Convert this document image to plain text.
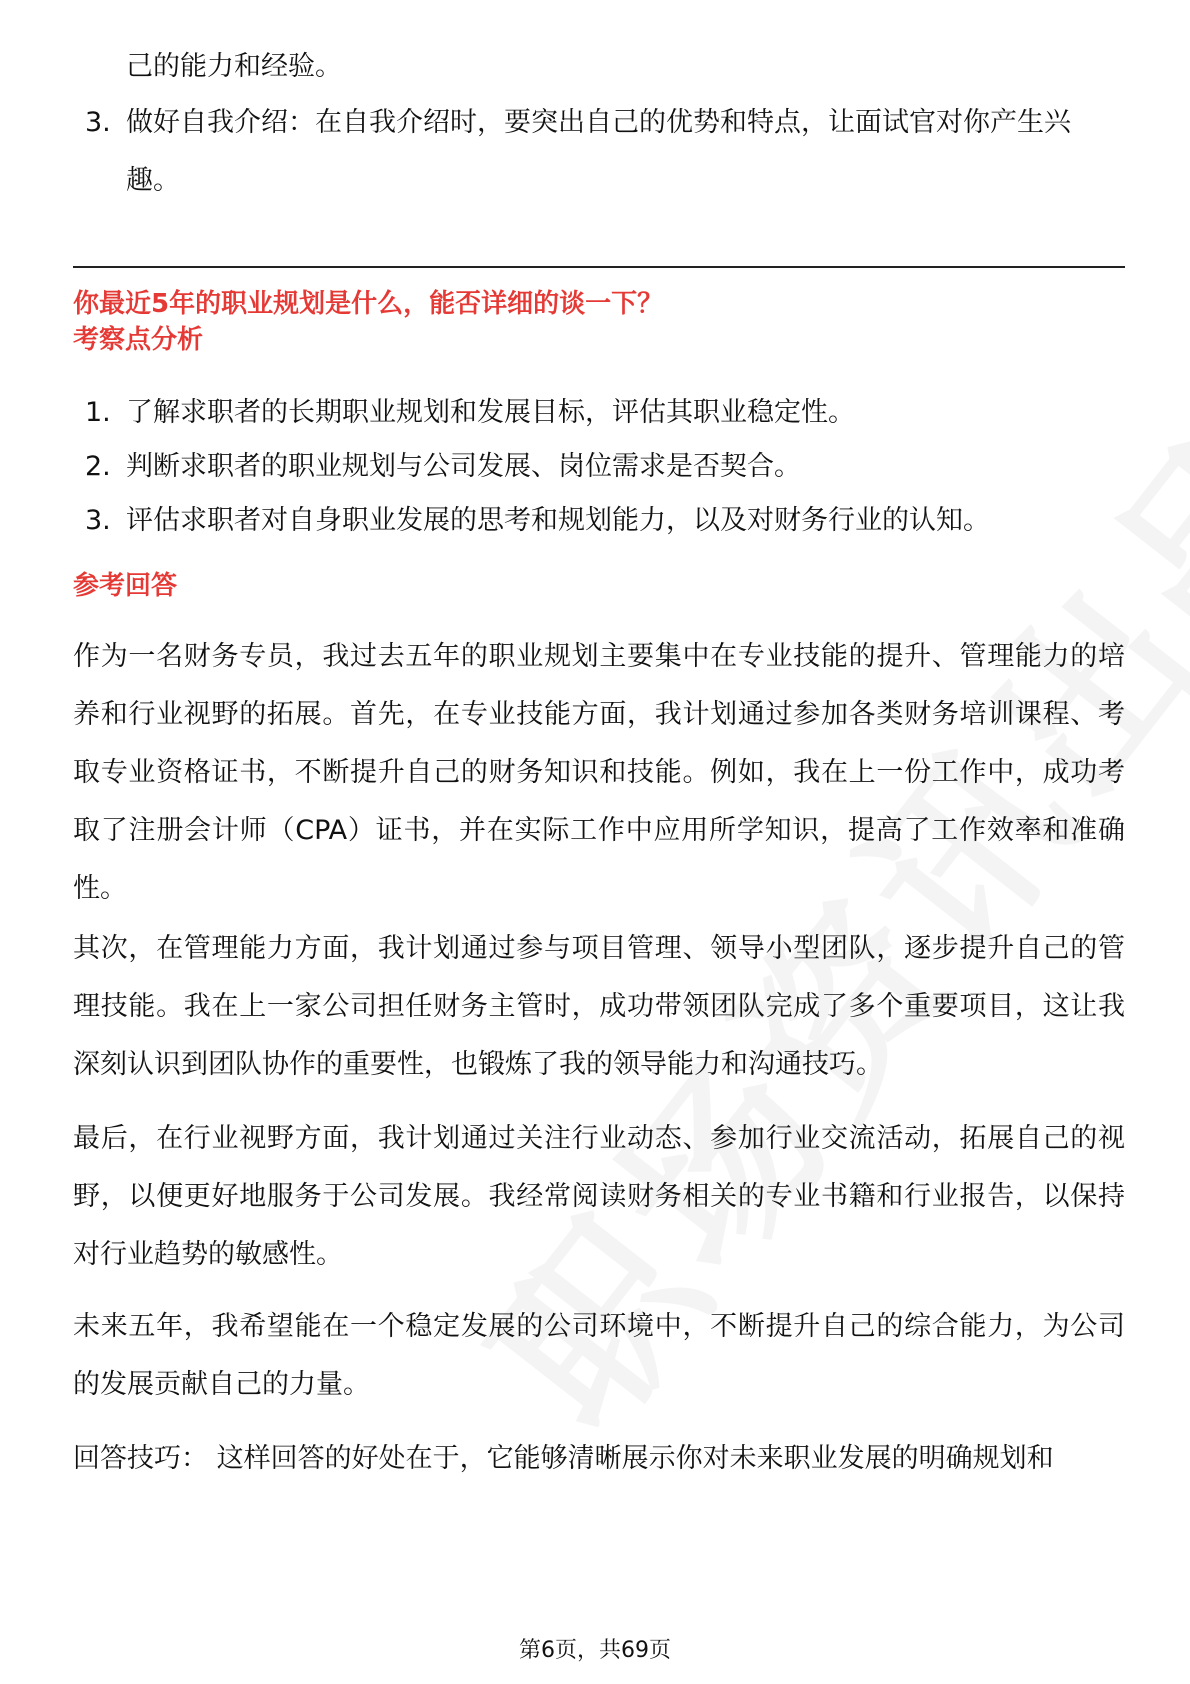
己的能力和经验。
3. 做好自我介绍：在自我介绍时，要突出自己的优势和特点，让面试官对你产生兴趣。
你最近5年的职业规划是什么，能否详细的谈一下？
考察点分析
1. 了解求职者的长期职业规划和发展目标，评估其职业稳定性。
2. 判断求职者的职业规划与公司发展、岗位需求是否契合。
3. 评估求职者对自身职业发展的思考和规划能力，以及对财务行业的认知。
参考回答
作为一名财务专员，我过去五年的职业规划主要集中在专业技能的提升、管理能力的培养和行业视野的拓展。首先，在专业技能方面，我计划通过参加各类财务培训课程、考取专业资格证书，不断提升自己的财务知识和技能。例如，我在上一份工作中，成功考取了注册会计师（CPA）证书，并在实际工作中应用所学知识，提高了工作效率和准确性。
其次，在管理能力方面，我计划通过参与项目管理、领导小型团队，逐步提升自己的管理技能。我在上一家公司担任财务主管时，成功带领团队完成了多个重要项目，这让我深刻认识到团队协作的重要性，也锻炼了我的领导能力和沟通技巧。
最后，在行业视野方面，我计划通过关注行业动态、参加行业交流活动，拓展自己的视野，以便更好地服务于公司发展。我经常阅读财务相关的专业书籍和行业报告，以保持对行业趋势的敏感性。
未来五年，我希望能在一个稳定发展的公司环境中，不断提升自己的综合能力，为公司的发展贡献自己的力量。
回答技巧： 这样回答的好处在于，它能够清晰展示你对未来职业发展的明确规划和
第6页，共69页
